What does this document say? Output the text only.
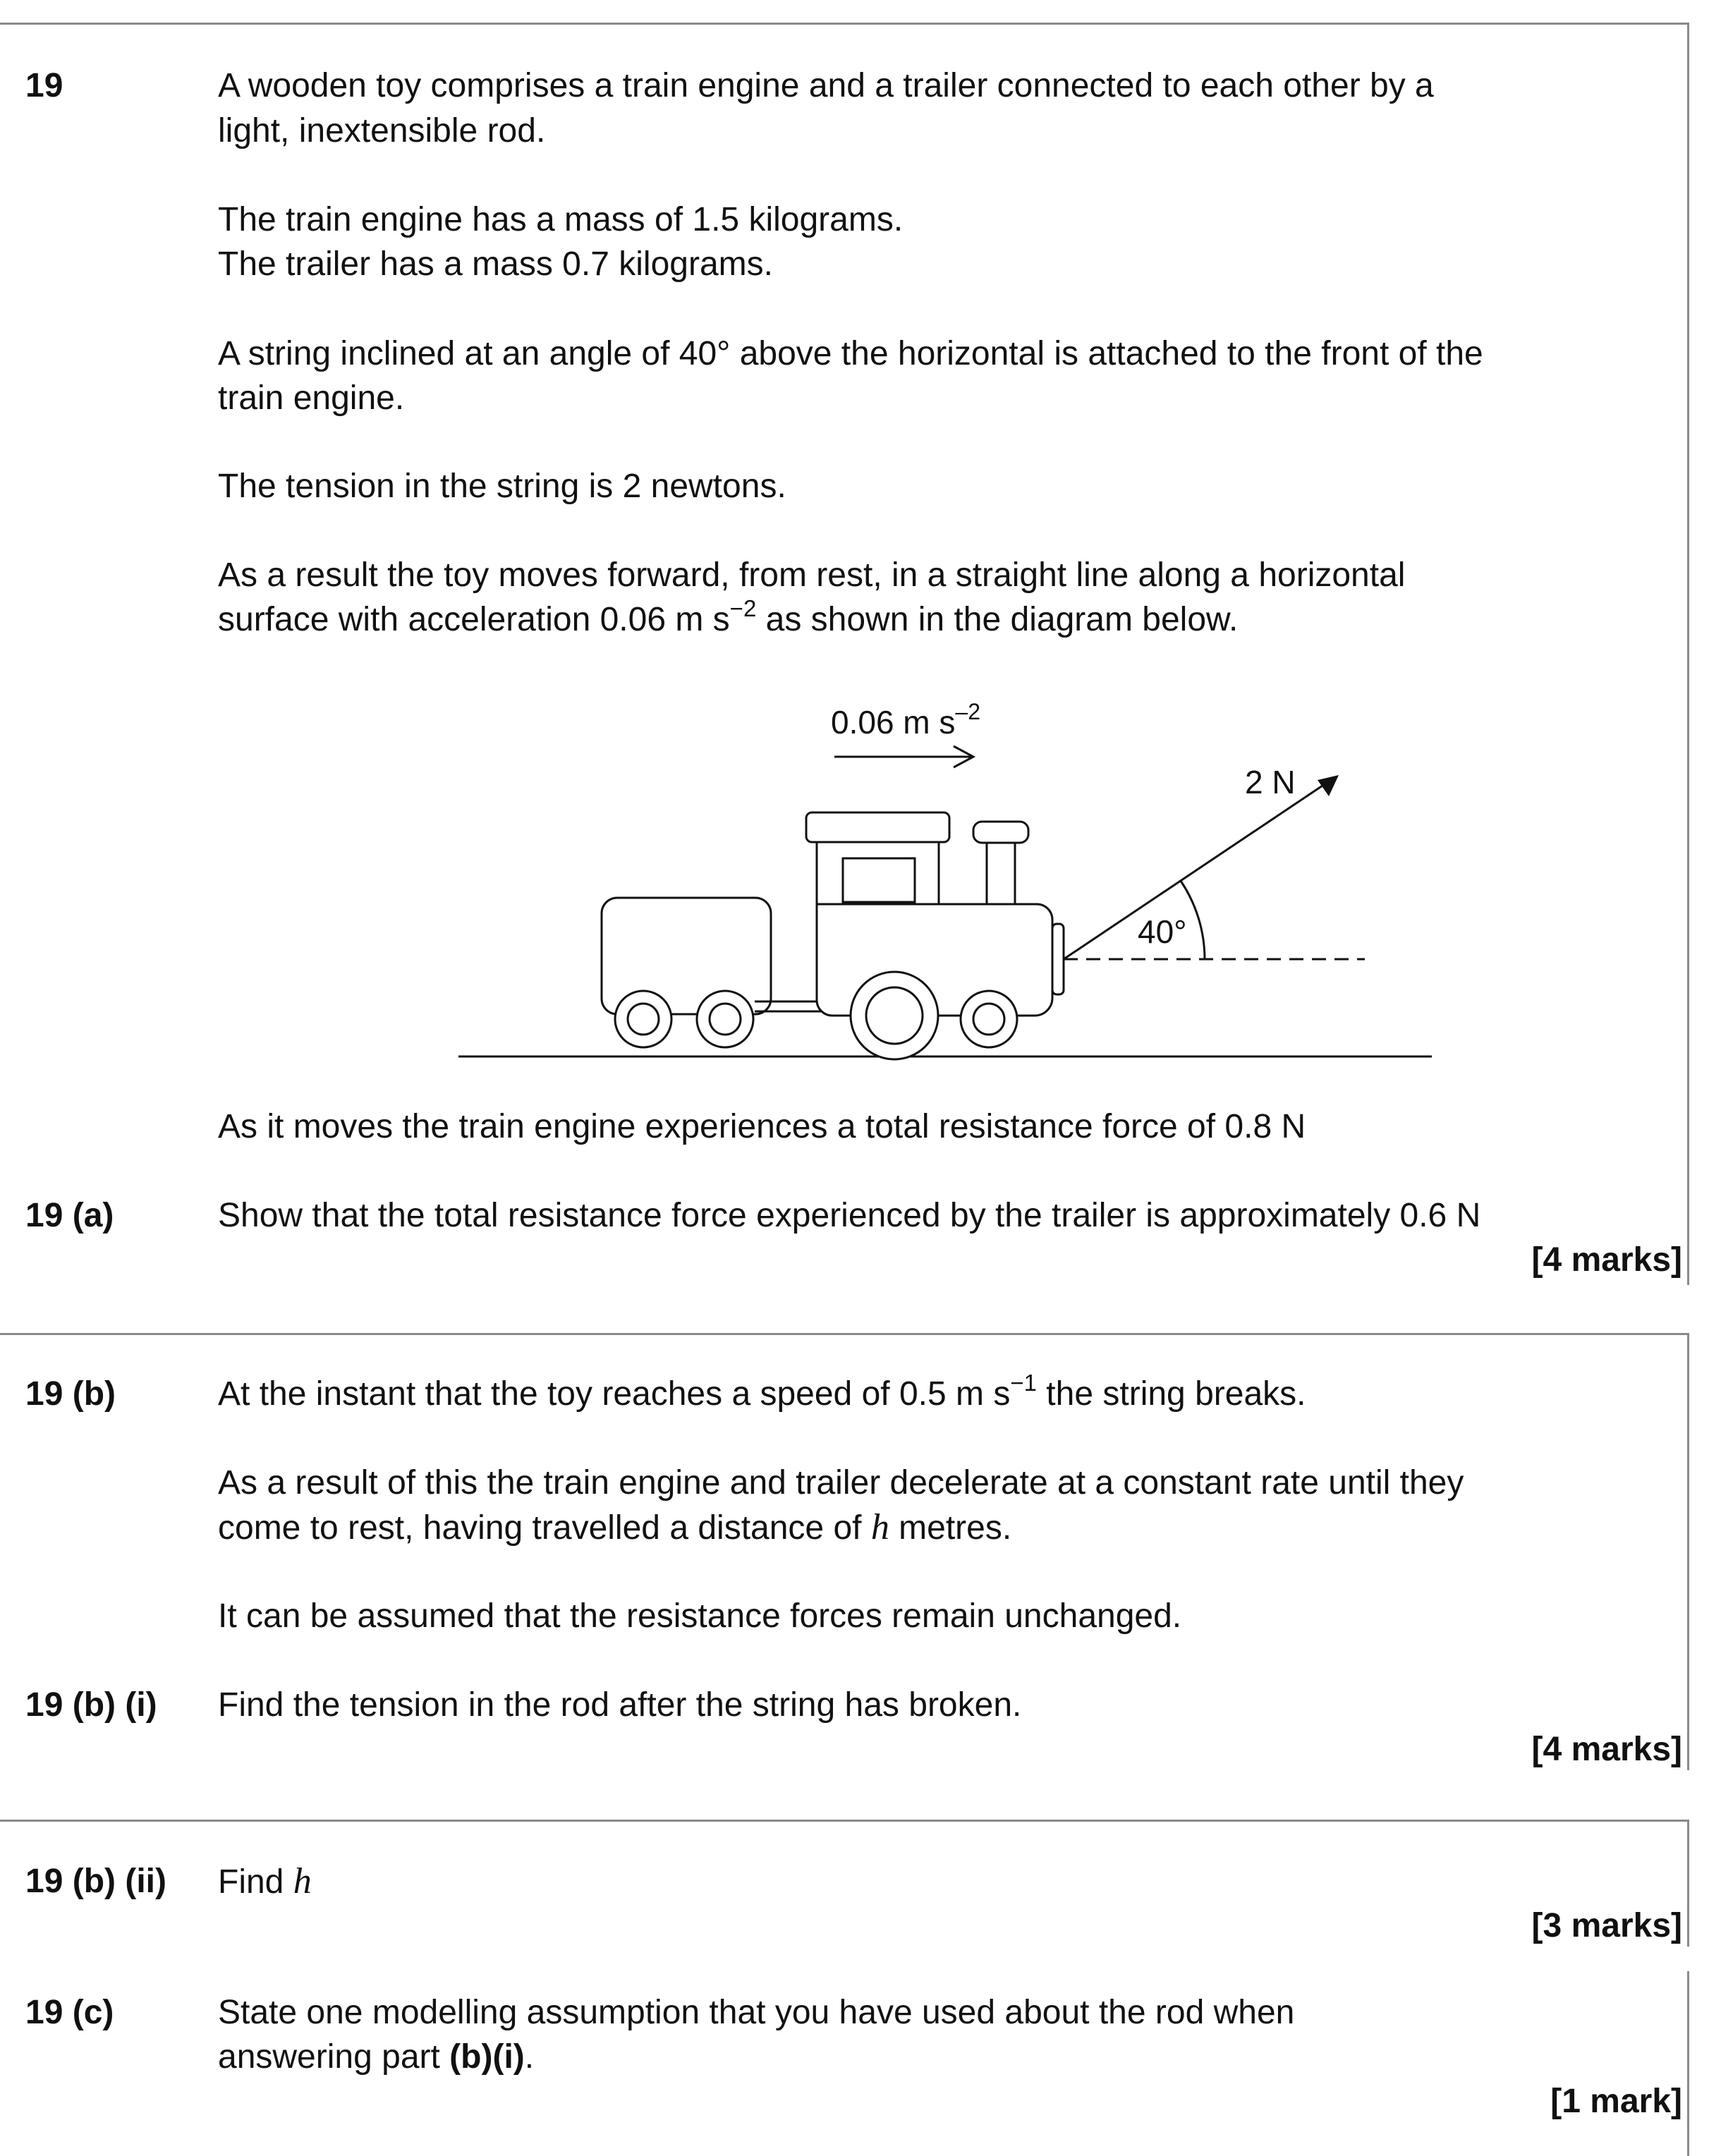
19	A wooden toy comprises a train engine and a trailer connected to each other by a
light, inextensible rod.
The train engine has a mass of 1.5 kilograms.
The trailer has a mass 0.7 kilograms.
A string inclined at an angle of 40° above the horizontal is attached to the front of the
train engine.
The tension in the string is 2 newtons.
As a result the toy moves forward, from rest, in a straight line along a horizontal
surface with acceleration 0.06 m $s^{-2}$ as shown in the diagram below.
0.06 m $s^{-2}$
2 N
40°
As it moves the train engine experiences a total resistance force of 0.8 N
19 (a)	Show that the total resistance force experienced by the trailer is approximately 0.6 N
[4 marks]
19 (b)	At the instant that the toy reaches a speed of 0.5 m $s^{-1}$ the string breaks.
As a result of this the train engine and trailer decelerate at a constant rate until they
come to rest, having travelled a distance of h metres.
It can be assumed that the resistance forces remain unchanged.
19 (b) (i) Find the tension in the rod after the string has broken.
[4 marks]
19 (b) (ii) Find h
[3 marks]
19 (c)	State one modelling assumption that you have used about the rod when
answering part (b)(i).
[1 mark]
